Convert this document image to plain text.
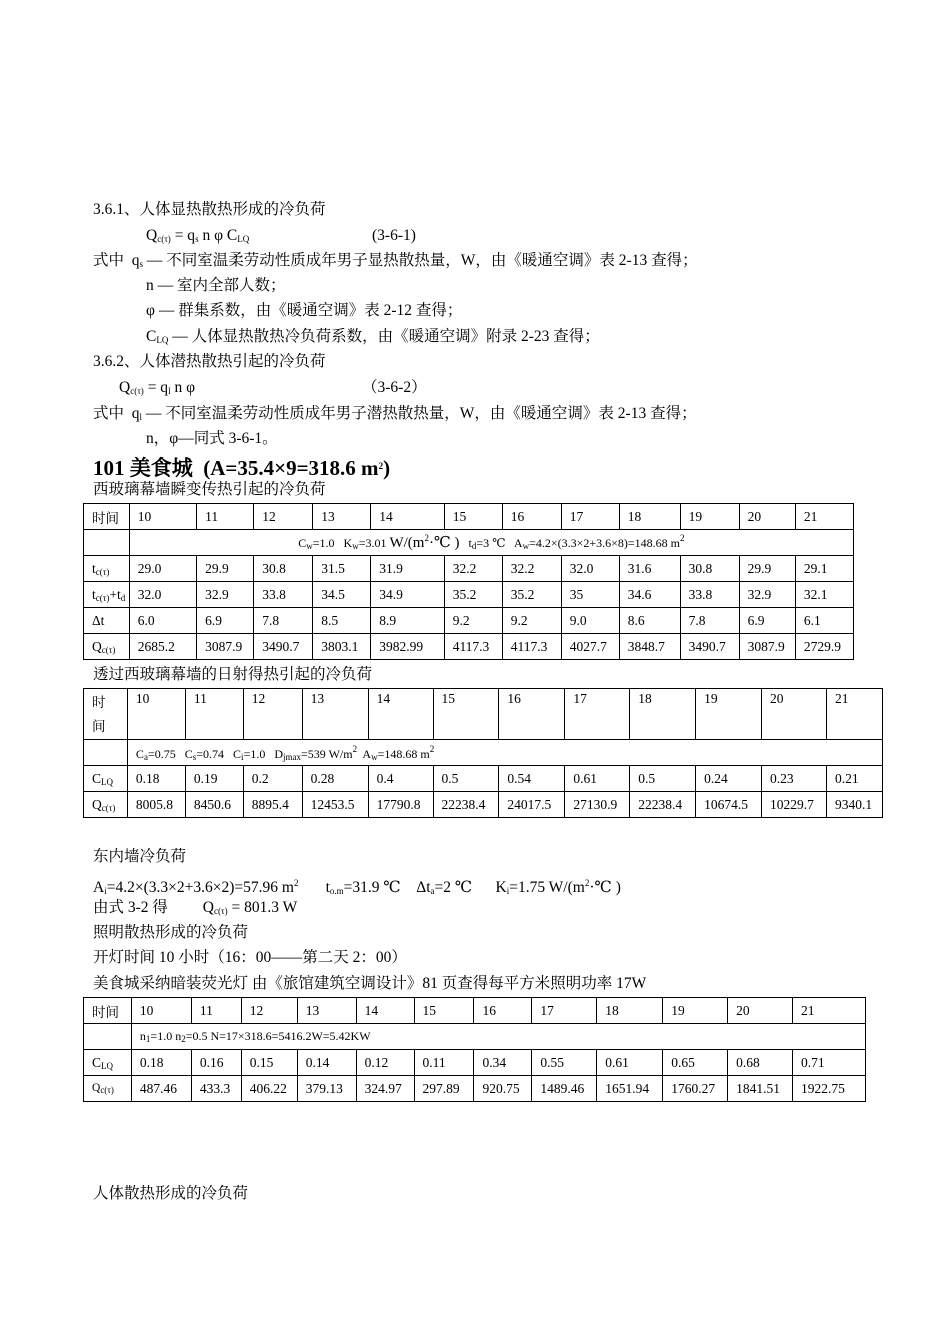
3.6.1、人体显热散热形成的冷负荷
$Q_{c(\tau)} = q_s$ n φ $C_{LQ}$	(3-6-1)
式中  $q_s$ — 不同室温柔劳动性质成年男子显热散热量，W，由《暖通空调》表 2-13 查得；
n — 室内全部人数；
φ — 群集系数，由《暖通空调》表 2-12 查得；
$C_{LQ}$ — 人体显热散热冷负荷系数，由《暖通空调》附录 2-23 查得；
3.6.2、人体潜热散热引起的冷负荷
$Q_{c(\tau)} = q_l$ n φ	（3-6-2）
式中  $q_l$ — 不同室温柔劳动性质成年男子潜热散热量，W，由《暖通空调》表 2-13 查得；
n，φ—同式 3-6-1。
101 美食城  (A=35.4×9=318.6 $m^2$)
西玻璃幕墙瞬变传热引起的冷负荷
时间	10	11	12	13	14	15	16	17	18	19	20	21
	$C_w=1.0$   $K_w=3.01$ $W/(m^2\cdot℃$ )   $t_d=3$ ℃   $A_w=4.2\times(3.3\times 2+3.6\times 8)=148.68$ $m^2$
$t_{c(\tau)}$	29.0	29.9	30.8	31.5	31.9	32.2	32.2	32.0	31.6	30.8	29.9	29.1
$t_{c(\tau)}+t_d$	32.0	32.9	33.8	34.5	34.9	35.2	35.2	35	34.6	33.8	32.9	32.1
Δt	6.0	6.9	7.8	8.5	8.9	9.2	9.2	9.0	8.6	7.8	6.9	6.1
$Q_{c(\tau)}$	2685.2	3087.9	3490.7	3803.1	3982.99	4117.3	4117.3	4027.7	3848.7	3490.7	3087.9	2729.9
透过西玻璃幕墙的日射得热引起的冷负荷
时
间	10	11	12	13	14	15	16	17	18	19	20	21
	$C_a=0.75$   $C_s=0.74$   $C_i=1.0$   $D_{jmax}=539$ $W/m^2$  $A_w=148.68$ $m^2$
$C_{LQ}$	0.18	0.19	0.2	0.28	0.4	0.5	0.54	0.61	0.5	0.24	0.23	0.21
$Q_{c(\tau)}$	8005.8	8450.6	8895.4	12453.5	17790.8	22238.4	24017.5	27130.9	22238.4	10674.5	10229.7	9340.1
东内墙冷负荷
$A_i=4.2\times(3.3\times 2+3.6\times 2)=57.96$ $m^2$       $t_{o.m}=31.9$ ℃    $\Delta t_a=2$ ℃      $K_i=1.75$ $W/(m^2\cdot℃$ )
由式 3-2 得         $Q_{c(\tau)} = 801.3$ W
照明散热形成的冷负荷
开灯时间 10 小时（16：00——第二天 2：00）
美食城采纳暗装荧光灯 由《旅馆建筑空调设计》81 页查得每平方米照明功率 17W
时间	10	11	12	13	14	15	16	17	18	19	20	21
	$n_1=1.0$ $n_2=0.5$ N=17×318.6=5416.2W=5.42KW
$C_{LQ}$	0.18	0.16	0.15	0.14	0.12	0.11	0.34	0.55	0.61	0.65	0.68	0.71
$Q_{c(\tau)}$	487.46	433.3	406.22	379.13	324.97	297.89	920.75	1489.46	1651.94	1760.27	1841.51	1922.75
人体散热形成的冷负荷
